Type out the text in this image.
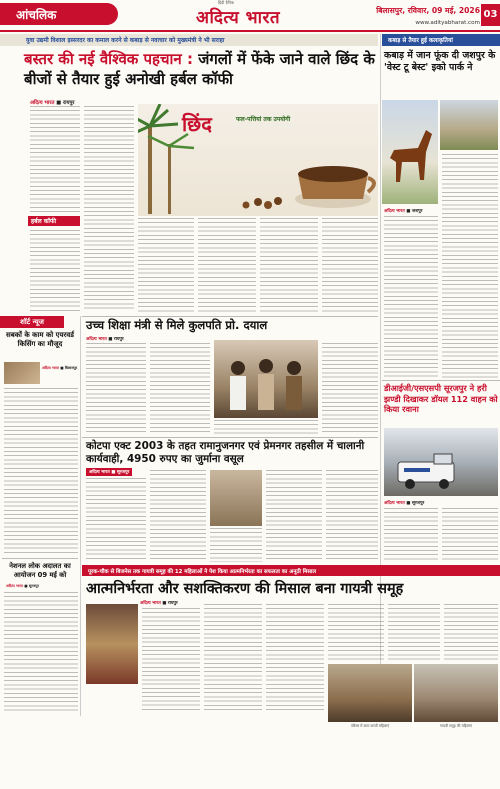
आंचलिक
हिंदी दैनिक
अदित्य भारत	बिलासपुर, रविवार, 09 मई, 2026
www.adityabharat.com
03
युवा उद्यमी विशाल इस्सरदर का कमाल करने से कबाड़ से नवाचार को मुख्यमंत्री ने भी सराहा
बस्तर की नई वैश्विक पहचान : जंगलों में फेंके जाने वाले छिंद के बीजों से तैयार हुई अनोखी हर्बल कॉफी
अदित्य भारत ■ रायपुर
छिंद	फल-पत्तियां तक उपयोगी
हर्बल कॉफी
शॉर्ट न्यूज
सबकों के काम को एयरवर्ड किसिंग का मौजूद
अदित्य भारत ■ बिलासपुर
नेशनल लोक अदालत का आयोजन 09 मई को
अदित्य भारत ■ सूरजपुर
कबाड़ से तैयार हुई कलाकृतियां
कबाड़ में जान फूंक दी जशपुर के 'वेस्ट टू बेस्ट' इको पार्क ने
अदित्य भारत ■ जशपुर
उच्च शिक्षा मंत्री से मिले कुलपति प्रो. दयाल
अदित्य भारत ■ रायपुर
कोटपा एक्ट 2003 के तहत रामानुजनगर एवं प्रेमनगर तहसील में चालानी कार्यवाही, 4950 रुपए का जुर्माना वसूल
अदित्य भारत ■ सूरजपुर
डीआईजी/एसएसपी सूरजपुर ने हरी झण्डी दिखाकर डॉयल 112 वाहन को किया रवाना
अदित्य भारत ■ सूरजपुर
पूरक-चौक से बिजनेस तक गायत्री समूह की 12 महिलाओं ने पेश किया आत्मनिर्भरता का सफलता का अनूठी मिसाल
आत्मनिर्भरता और सशक्तिकरण की मिसाल बना गायत्री समूह
अदित्य भारत ■ रायपुर
परिसर में काम करती महिलाएं	गायत्री समूह की महिलाएं
